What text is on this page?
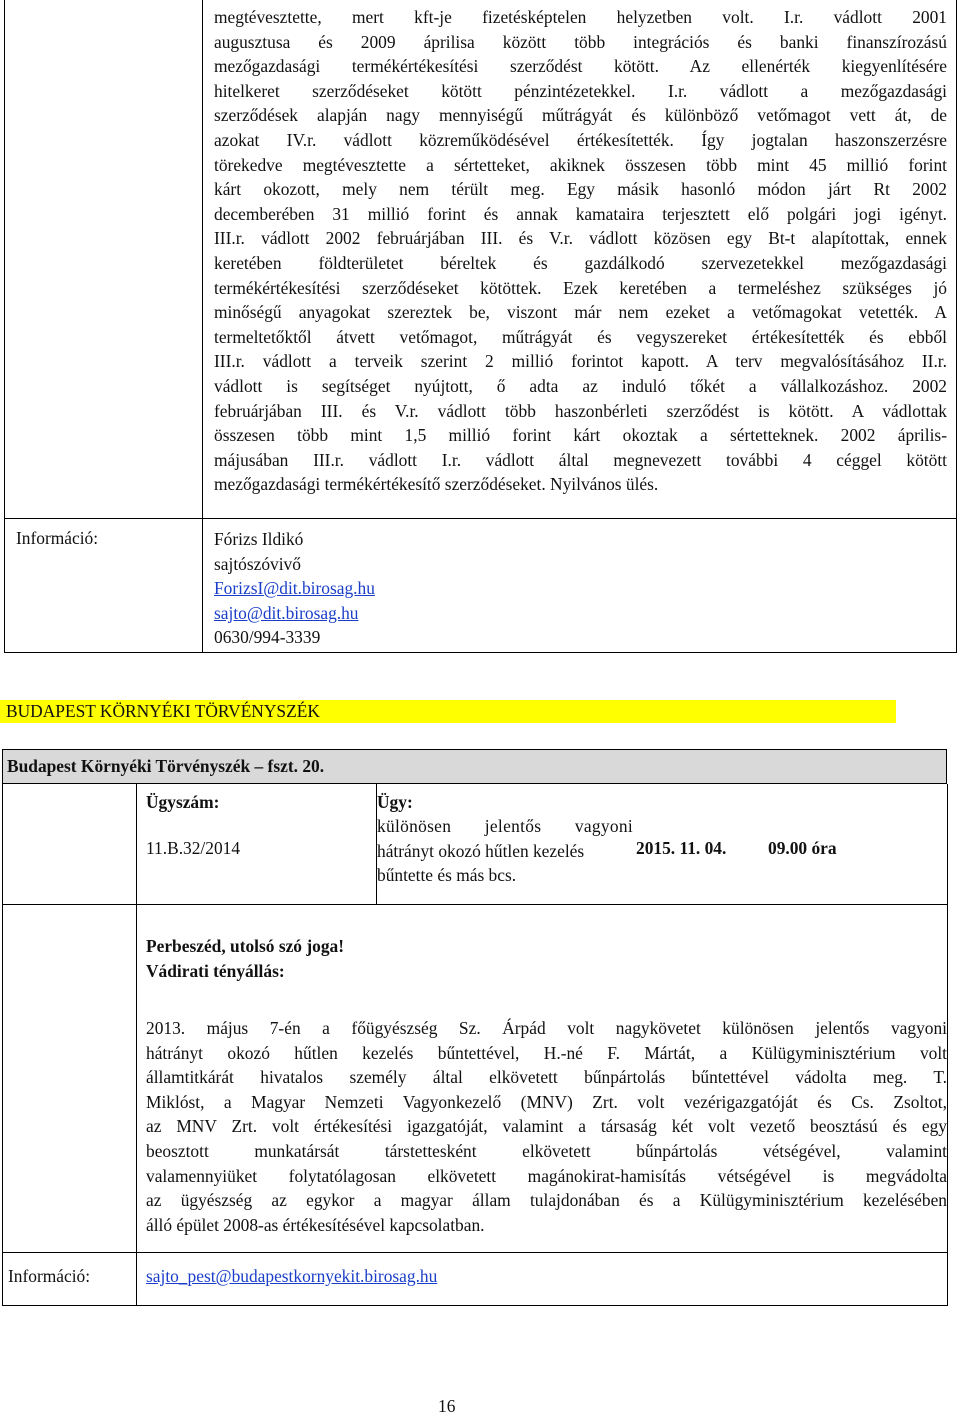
megtévesztette, mert kft-je fizetésképtelen helyzetben volt. I.r. vádlott 2001
augusztusa és 2009 áprilisa között több integrációs és banki finanszírozású
mezőgazdasági termékértékesítési szerződést kötött. Az ellenérték kiegyenlítésére
hitelkeret szerződéseket kötött pénzintézetekkel. I.r. vádlott a mezőgazdasági
szerződések alapján nagy mennyiségű műtrágyát és különböző vetőmagot vett át, de
azokat IV.r. vádlott közreműködésével értékesítették. Így jogtalan haszonszerzésre
törekedve megtévesztette a sértetteket, akiknek összesen több mint 45 millió forint
kárt okozott, mely nem térült meg. Egy másik hasonló módon járt Rt 2002
decemberében 31 millió forint és annak kamataira terjesztett elő polgári jogi igényt.
III.r. vádlott 2002 februárjában III. és V.r. vádlott közösen egy Bt-t alapítottak, ennek
keretében földterületet béreltek és gazdálkodó szervezetekkel mezőgazdasági
termékértékesítési szerződéseket kötöttek. Ezek keretében a termeléshez szükséges jó
minőségű anyagokat szereztek be, viszont már nem ezeket a vetőmagokat vetették. A
termeltetőktől átvett vetőmagot, műtrágyát és vegyszereket értékesítették és ebből
III.r. vádlott a terveik szerint 2 millió forintot kapott. A terv megvalósításához II.r.
vádlott is segítséget nyújtott, ő adta az induló tőkét a vállalkozáshoz. 2002
februárjában III. és V.r. vádlott több haszonbérleti szerződést is kötött. A vádlottak
összesen több mint 1,5 millió forint kárt okoztak a sértetteknek. 2002 április-
májusában III.r. vádlott I.r. vádlott által megnevezett további 4 céggel kötött
mezőgazdasági termékértékesítő szerződéseket. Nyilvános ülés.
Információ:	Fórizs Ildikó
sajtószóvivő
ForizsI@dit.birosag.hu
sajto@dit.birosag.hu
0630/994-3339
BUDAPEST KÖRNYÉKI TÖRVÉNYSZÉK
Budapest Környéki Törvényszék – fszt. 20.
Ügyszám:
11.B.32/2014
Ügy:
különösen jelentős vagyoni
hátrányt okozó hűtlen kezelés
bűntette és más bcs.
2015. 11. 04. 09.00 óra
Perbeszéd, utolsó szó joga!
Vádirati tényállás:
2013. május 7-én a főügyészség Sz. Árpád volt nagykövetet különösen jelentős vagyoni
hátrányt okozó hűtlen kezelés bűntettével, H.-né F. Mártát, a Külügyminisztérium volt
államtitkárát hivatalos személy által elkövetett bűnpártolás bűntettével vádolta meg. T.
Miklóst, a Magyar Nemzeti Vagyonkezelő (MNV) Zrt. volt vezérigazgatóját és Cs. Zsoltot,
az MNV Zrt. volt értékesítési igazgatóját, valamint a társaság két volt vezető beosztású és egy
beosztott munkatársát társtettesként elkövetett bűnpártolás vétségével, valamint
valamennyiüket folytatólagosan elkövetett magánokirat-hamisítás vétségével is megvádolta
az ügyészség az egykor a magyar állam tulajdonában és a Külügyminisztérium kezelésében
álló épület 2008-as értékesítésével kapcsolatban.
Információ:	sajto_pest@budapestkornyekit.birosag.hu
16
